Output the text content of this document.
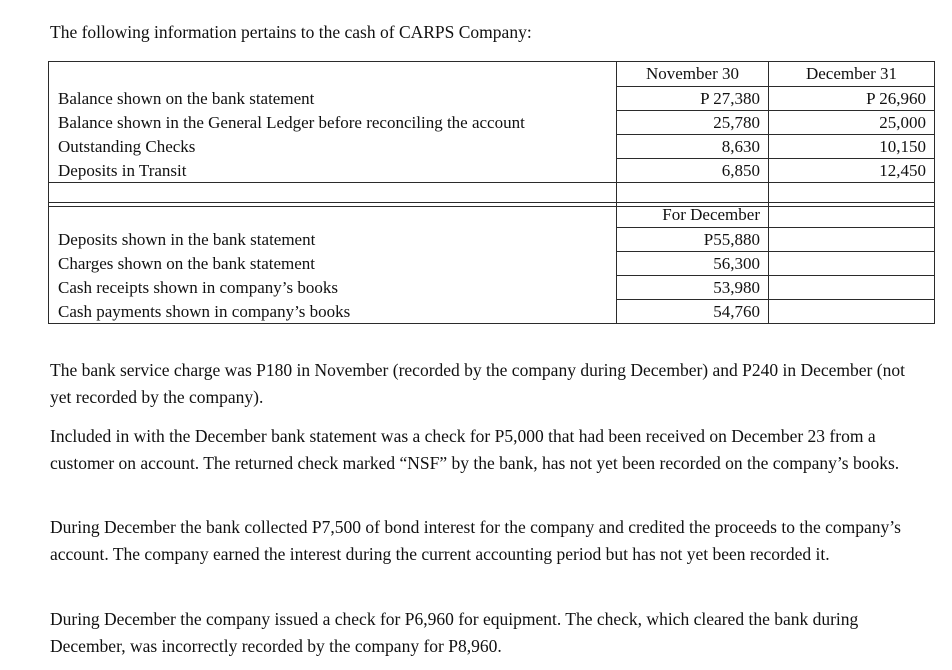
The following information pertains to the cash of CARPS Company:
	November 30	December 31
Balance shown on the bank statement	P 27,380	P 26,960
Balance shown in the General Ledger before reconciling the account	25,780	25,000
Outstanding Checks	8,630	10,150
Deposits in Transit	6,850	12,450

	For December	
Deposits shown in the bank statement	P55,880	
Charges shown on the bank statement	56,300	
Cash receipts shown in company’s books	53,980	
Cash payments shown in company’s books	54,760	

The bank service charge was P180 in November (recorded by the company during December) and P240 in December (not yet recorded by the company).

Included in with the December bank statement was a check for P5,000 that had been received on December 23 from a customer on account. The returned check marked “NSF” by the bank, has not yet been recorded on the company’s books.

During December the bank collected P7,500 of bond interest for the company and credited the proceeds to the company’s account. The company earned the interest during the current accounting period but has not yet been recorded it.

During December the company issued a check for P6,960 for equipment. The check, which cleared the bank during December, was incorrectly recorded by the company for P8,960.
